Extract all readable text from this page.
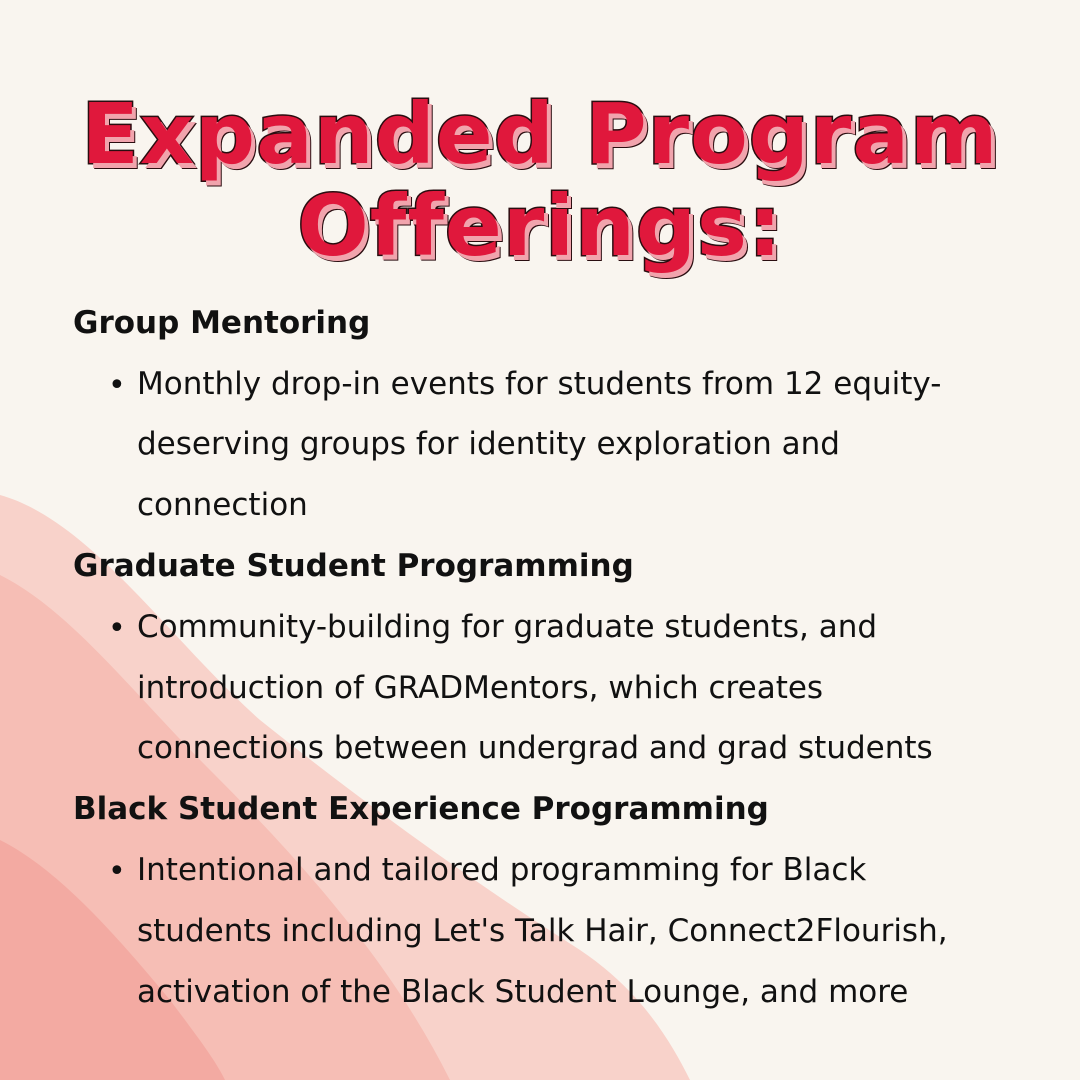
Expanded Program
Offerings:
Group Mentoring
• Monthly drop-in events for students from 12 equity-
deserving groups for identity exploration and
connection
Graduate Student Programming
• Community-building for graduate students, and
introduction of GRADMentors, which creates
connections between undergrad and grad students
Black Student Experience Programming
• Intentional and tailored programming for Black
students including Let's Talk Hair, Connect2Flourish,
activation of the Black Student Lounge, and more
